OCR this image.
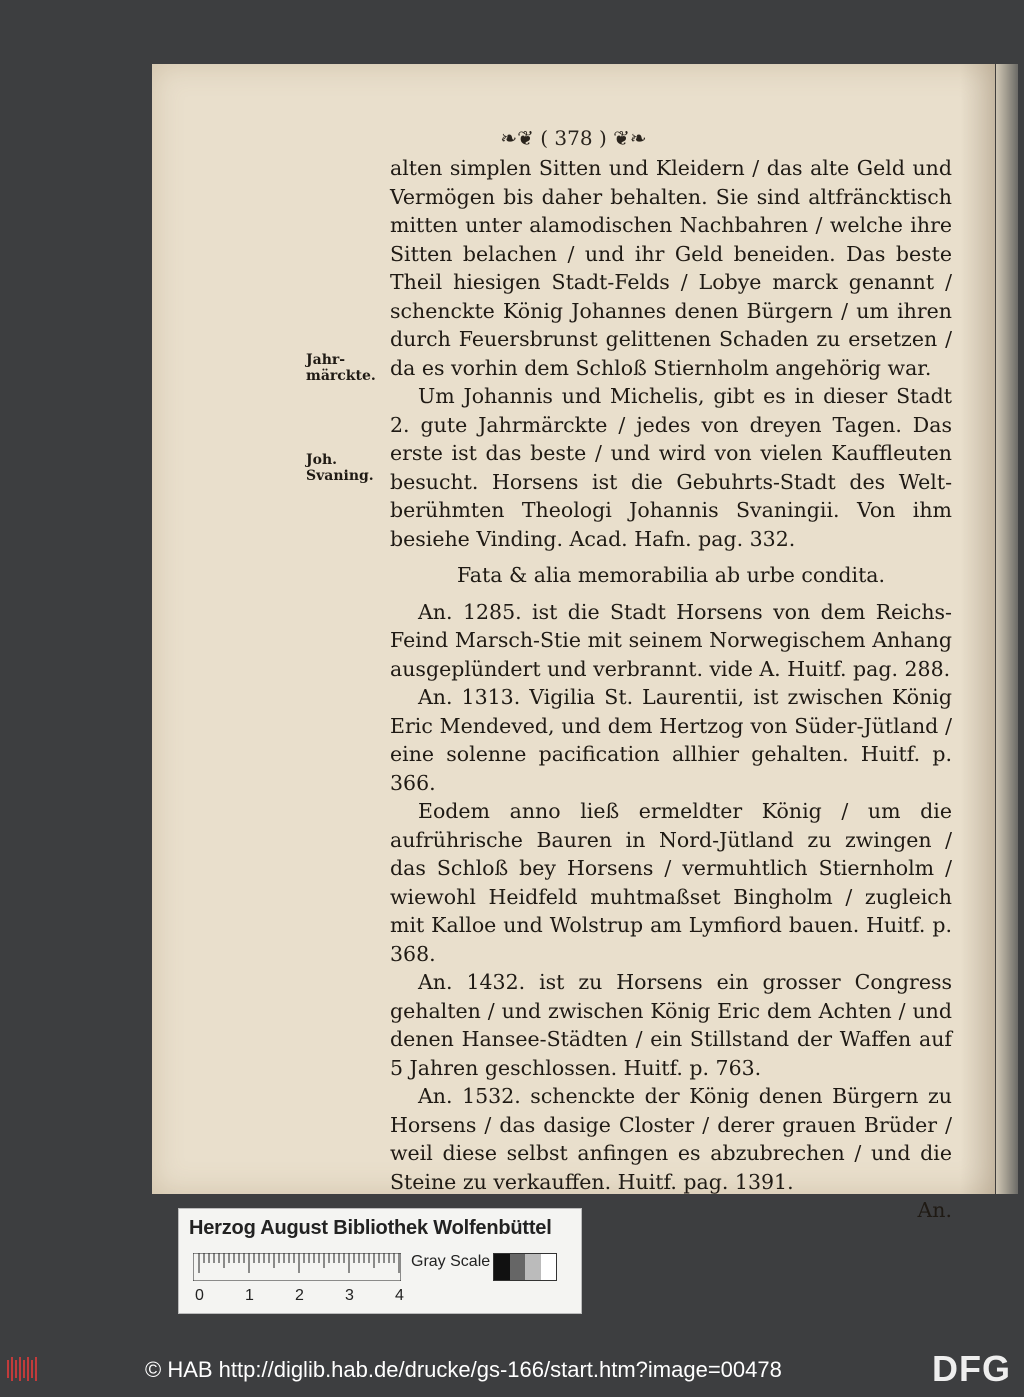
❧❦ ( 378 ) ❦❧
Jahr-märckte.
Joh. Svaning.

alten simplen Sitten und Kleidern / das alte Geld und Vermögen bis daher behalten. Sie sind altfräncktisch mitten unter alamodischen Nachbahren / welche ihre Sitten belachen / und ihr Geld beneiden. Das beste Theil hiesigen Stadt-Felds / Lobye marck genannt / schenckte König Johannes denen Bürgern / um ihren durch Feuersbrunst gelittenen Schaden zu ersetzen / da es vorhin dem Schloß Stiernholm angehörig war.

Um Johannis und Michelis, gibt es in dieser Stadt 2. gute Jahrmärckte / jedes von dreyen Tagen. Das erste ist das beste / und wird von vielen Kauffleuten besucht. Horsens ist die Gebuhrts-Stadt des Welt-berühmten Theologi Johannis Svaningii. Von ihm besiehe Vinding. Acad. Hafn. pag. 332.

Fata & alia memorabilia ab urbe condita.

An. 1285. ist die Stadt Horsens von dem Reichs-Feind Marsch-Stie mit seinem Norwegischem Anhang ausgeplündert und verbrannt. vide A. Huitf. pag. 288.

An. 1313. Vigilia St. Laurentii, ist zwischen König Eric Mendeved, und dem Hertzog von Süder-Jütland / eine solenne pacification allhier gehalten. Huitf. p. 366.

Eodem anno ließ ermeldter König / um die aufrührische Bauren in Nord-Jütland zu zwingen / das Schloß bey Horsens / vermuhtlich Stiernholm / wiewohl Heidfeld muhtmaßset Bingholm / zugleich mit Kalloe und Wolstrup am Lymfiord bauen. Huitf. p. 368.

An. 1432. ist zu Horsens ein grosser Congress gehalten / und zwischen König Eric dem Achten / und denen Hansee-Städten / ein Stillstand der Waffen auf 5 Jahren geschlossen. Huitf. p. 763.

An. 1532. schenckte der König denen Bürgern zu Horsens / das dasige Closter / derer grauen Brüder / weil diese selbst anfingen es abzubrechen / und die Steine zu verkauffen. Huitf. pag. 1391.

An.

Herzog August Bibliothek Wolfenbüttel
0	1	2	3	4
Gray Scale
© HAB http://diglib.hab.de/drucke/gs-166/start.htm?image=00478	DFG
